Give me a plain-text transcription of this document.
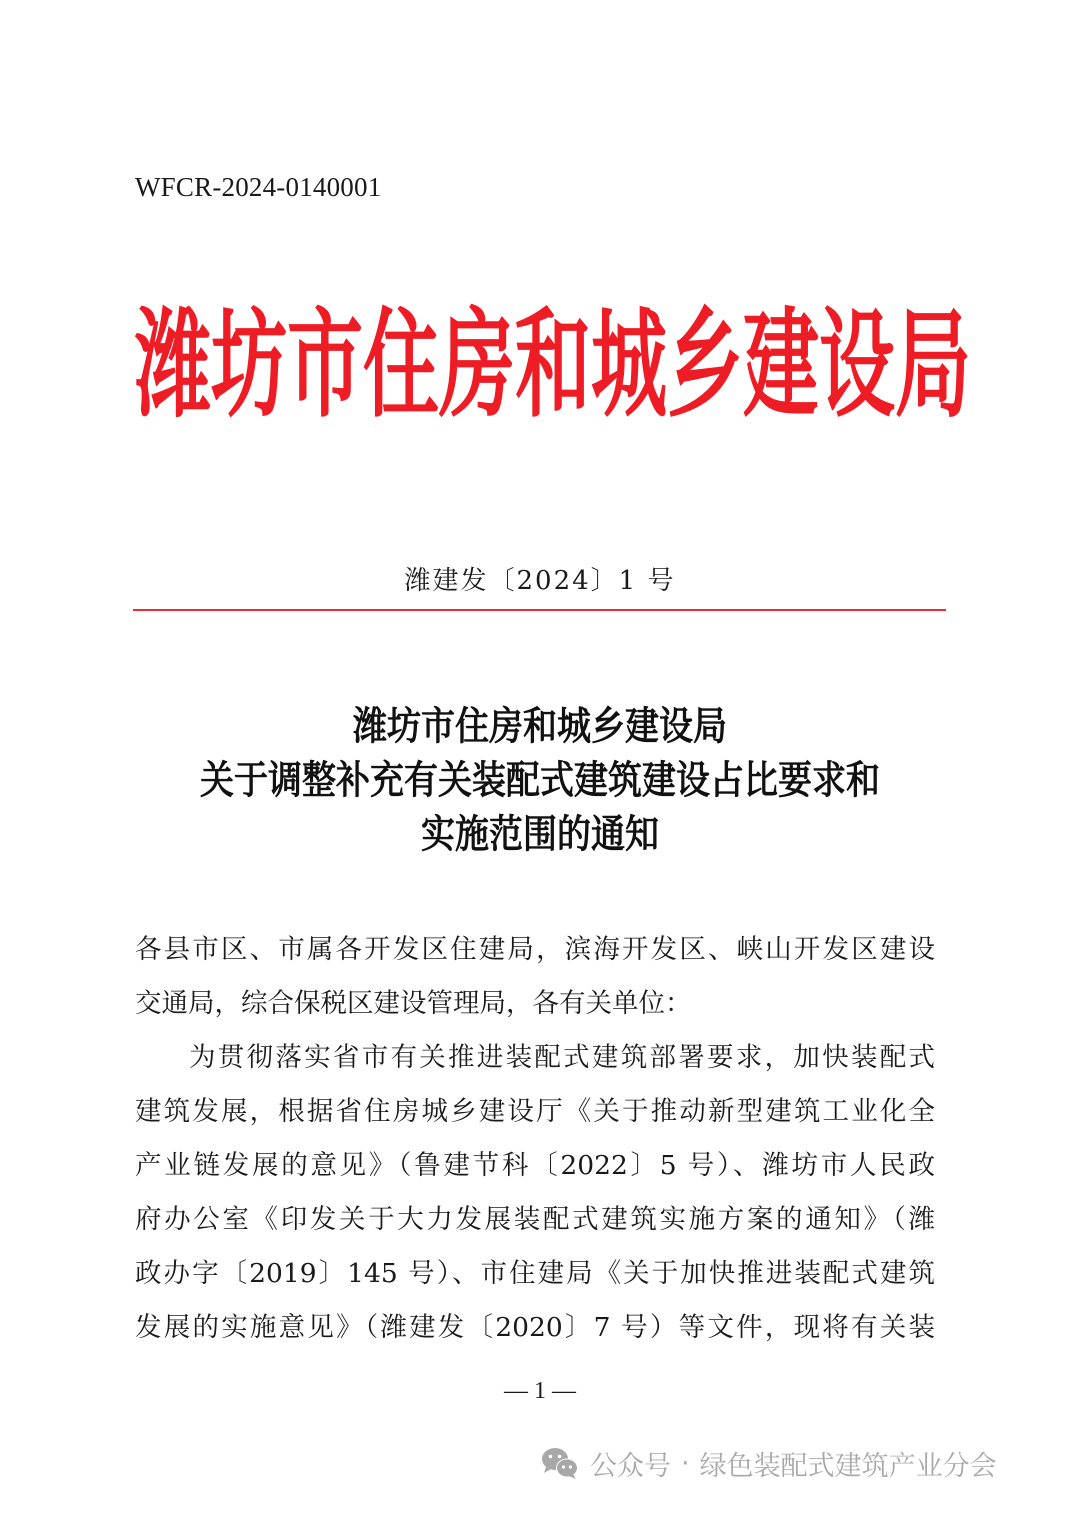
WFCR-2024-0140001
潍 坊 市 住 房 和 城 乡 建 设 局
潍建发〔2024〕1 号
潍坊市住房和城乡建设局
关于调整补充有关装配式建筑建设占比要求和
实施范围的通知
各县市区、市属各开发区住建局，滨海开发区、峡山开发区建设
交通局，综合保税区建设管理局，各有关单位：
为贯彻落实省市有关推进装配式建筑部署要求，加快装配式
建筑发展，根据省住房城乡建设厅《关于推动新型建筑工业化全
产业链发展的意见》（鲁建节科〔2022〕5 号）、潍坊市人民政
府办公室《印发关于大力发展装配式建筑实施方案的通知》（潍
政办字〔2019〕145 号）、市住建局《关于加快推进装配式建筑
发展的实施意见》（潍建发〔2020〕7 号）等文件，现将有关装
— 1 —
公众号 · 绿色装配式建筑产业分会
